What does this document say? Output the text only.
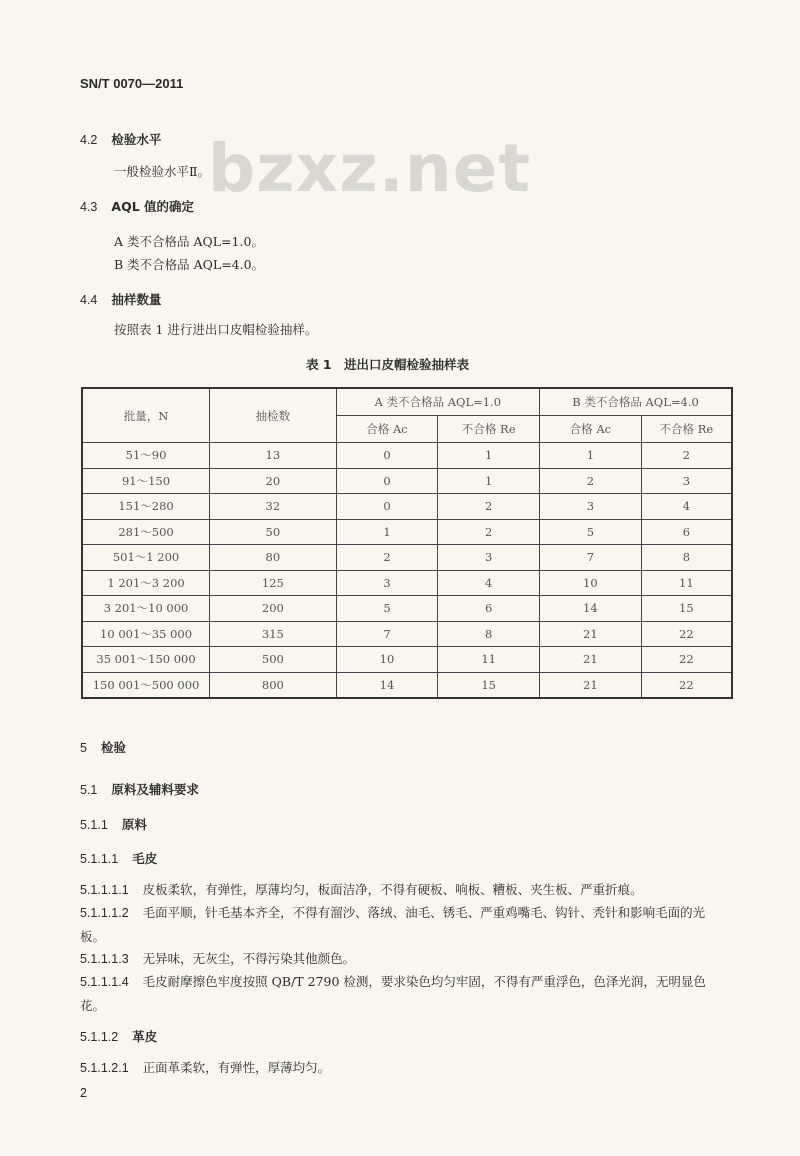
SN/T 0070—2011
bzxz.net
4.2 检验水平
一般检验水平Ⅱ。
4.3 AQL 值的确定
A 类不合格品 AQL=1.0。
B 类不合格品 AQL=4.0。
4.4 抽样数量
按照表 1 进行进出口皮帽检验抽样。
表 1　进出口皮帽检验抽样表
批量，N	抽检数	A 类不合格品 AQL=1.0		B 类不合格品 AQL=4.0	
		合格 Ac	不合格 Re	合格 Ac	不合格 Re
51～90	13	0	1	1	2
91～150	20	0	1	2	3
151～280	32	0	2	3	4
281～500	50	1	2	5	6
501～1 200	80	2	3	7	8
1 201～3 200	125	3	4	10	11
3 201～10 000	200	5	6	14	15
10 001～35 000	315	7	8	21	22
35 001～150 000	500	10	11	21	22
150 001～500 000	800	14	15	21	22
5 检验
5.1 原料及辅料要求
5.1.1 原料
5.1.1.1 毛皮
5.1.1.1.1 皮板柔软，有弹性，厚薄均匀，板面洁净，不得有硬板、响板、糟板、夹生板、严重折痕。
5.1.1.1.2 毛面平顺，针毛基本齐全，不得有溜沙、落绒、油毛、锈毛、严重鸡嘴毛、钩针、秃针和影响毛面的光板。
5.1.1.1.3 无异味，无灰尘，不得污染其他颜色。
5.1.1.1.4 毛皮耐摩擦色牢度按照 QB/T 2790 检测，要求染色均匀牢固，不得有严重浮色，色泽光润，无明显色花。
5.1.1.2 革皮
5.1.1.2.1 正面革柔软，有弹性，厚薄均匀。
2
